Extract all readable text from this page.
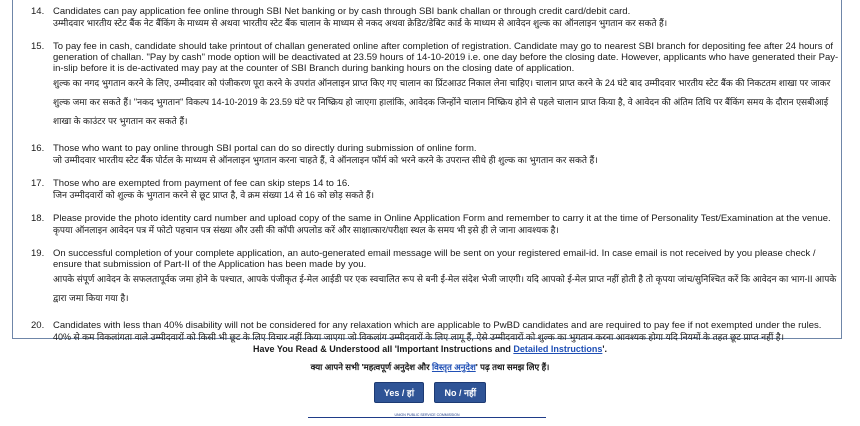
14. Candidates can pay application fee online through SBI Net banking or by cash through SBI bank challan or through credit card/debit card.
उम्मीदवार भारतीय स्टेट बैंक नेट बैंकिंग के माध्यम से अथवा भारतीय स्टेट बैंक चालान के माध्यम से नकद अथवा क्रेडिट/डेबिट कार्ड के माध्यम से आवेदन शुल्क का ऑनलाइन भुगतान कर सकते हैं।
15. To pay fee in cash, candidate should take printout of challan generated online after completion of registration. Candidate may go to nearest SBI branch for depositing fee after 24 hours of generation of challan. "Pay by cash" mode option will be deactivated at 23.59 hours of 14-10-2019 i.e. one day before the closing date. However, applicants who have generated their Pay-in-slip before it is de-activated may pay at the counter of SBI Branch during banking hours on the closing date of application.
शुल्क का नगद भुगतान करने के लिए, उम्मीदवार को पंजीकरण पूरा करने के उपरांत ऑनलाइन प्राप्त किए गए चालान का प्रिंटआउट निकाल लेना चाहिए। चालान प्राप्त करने के 24 घंटे बाद उम्मीदवार भारतीय स्टेट बैंक की निकटतम शाखा पर जाकर शुल्क जमा कर सकते हैं। "नकद भुगतान" विकल्प 14-10-2019 के 23.59 घंटे पर निष्क्रिय हो जाएगा हालांकि, आवेदक जिन्होंने चालान निष्क्रिय होने से पहले चालान प्राप्त किया है, वे आवेदन की अंतिम तिथि पर बैंकिंग समय के दौरान एसबीआई शाखा के काउंटर पर भुगतान कर सकते हैं।
16. Those who want to pay online through SBI portal can do so directly during submission of online form.
जो उम्मीदवार भारतीय स्टेट बैंक पोर्टल के माध्यम से ऑनलाइन भुगतान करना चाहते हैं, वे ऑनलाइन फॉर्म को भरने करने के उपरान्त सीधे ही शुल्क का भुगतान कर सकते हैं।
17. Those who are exempted from payment of fee can skip steps 14 to 16.
जिन उम्मीदवारों को शुल्क के भुगतान करने से छूट प्राप्त है, वे क्रम संख्या 14 से 16 को छोड़ सकते हैं।
18. Please provide the photo identity card number and upload copy of the same in Online Application Form and remember to carry it at the time of Personality Test/Examination at the venue.
कृपया ऑनलाइन आवेदन पत्र में फोटो पहचान पत्र संख्या और उसी की कॉपी अपलोड करें और साक्षात्कार/परीक्षा स्थल के समय भी इसे ही ले जाना आवश्यक है।
19. On successful completion of your complete application, an auto-generated email message will be sent on your registered email-id. In case email is not received by you please check / ensure that submission of Part-II of the Application has been made by you.
आपके संपूर्ण आवेदन के सफलतापूर्वक जमा होने के पश्चात, आपके पंजीकृत ई-मेल आईडी पर एक स्वचालित रूप से बनी ई-मेल संदेश भेजी जाएगी। यदि आपको ई-मेल प्राप्त नहीं होती है तो कृपया जांच/सुनिश्चित करें कि आवेदन का भाग-II आपके द्वारा जमा किया गया है।
20. Candidates with less than 40% disability will not be considered for any relaxation which are applicable to PwBD candidates and are required to pay fee if not exempted under the rules.
40% से कम विकलांगता वाले उम्मीदवारों को किसी भी छूट के लिए विचार नहीं किया जाएगा जो विकलांग उम्मीदवारों के लिए लागू हैं, ऐसे उम्मीदवारों को शुल्क का भुगतान करना आवश्यक होगा यदि नियमों के तहत छूट प्राप्त नहीं है।
Have You Read & Understood all 'Important Instructions and Detailed Instructions'.
क्या आपने सभी 'महत्वपूर्ण अनुदेश और विस्तृत अनुदेश' पढ़ तथा समझ लिए हैं।
Yes / हां	No / नहीं
UNION PUBLIC SERVICE COMMISSION
